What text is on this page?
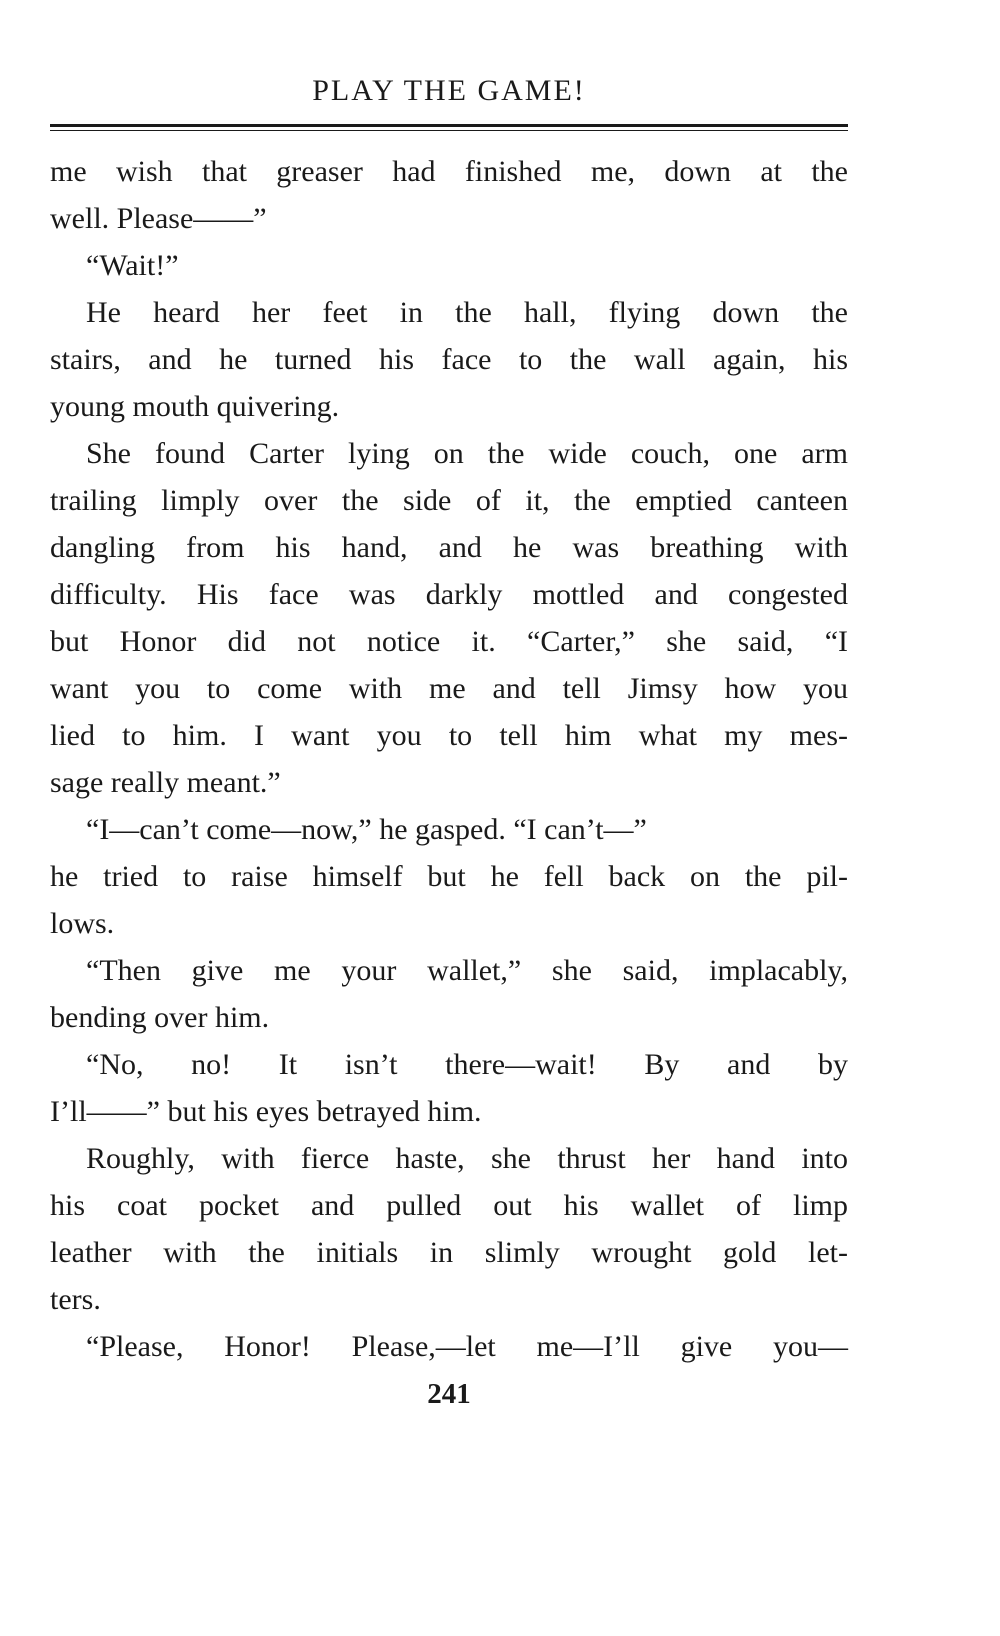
PLAY THE GAME!
me wish that greaser had finished me, down at the
well. Please——”
“Wait!”
He heard her feet in the hall, flying down the
stairs, and he turned his face to the wall again, his
young mouth quivering.
She found Carter lying on the wide couch, one arm
trailing limply over the side of it, the emptied canteen
dangling from his hand, and he was breathing with
difficulty. His face was darkly mottled and congested
but Honor did not notice it. “Carter,” she said, “I
want you to come with me and tell Jimsy how you
lied to him. I want you to tell him what my mes-
sage really meant.”
“I—can’t come—now,” he gasped. “I can’t—”
he tried to raise himself but he fell back on the pil-
lows.
“Then give me your wallet,” she said, implacably,
bending over him.
“No, no! It isn’t there—wait! By and by
I’ll——” but his eyes betrayed him.
Roughly, with fierce haste, she thrust her hand into
his coat pocket and pulled out his wallet of limp
leather with the initials in slimly wrought gold let-
ters.
“Please, Honor! Please,—let me—I’ll give you—
241
